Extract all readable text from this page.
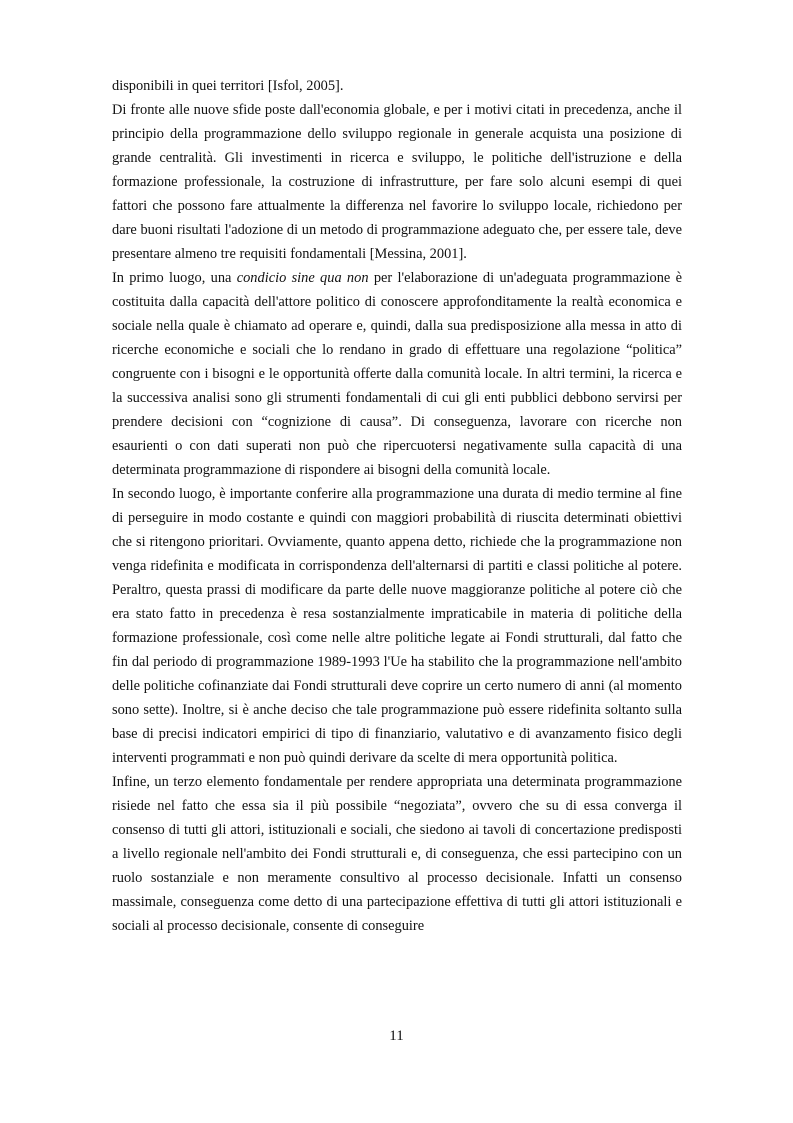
disponibili in quei territori [Isfol, 2005].

Di fronte alle nuove sfide poste dall'economia globale, e per i motivi citati in precedenza, anche il principio della programmazione dello sviluppo regionale in generale acquista una posizione di grande centralità. Gli investimenti in ricerca e sviluppo, le politiche dell'istruzione e della formazione professionale, la costruzione di infrastrutture, per fare solo alcuni esempi di quei fattori che possono fare attualmente la differenza nel favorire lo sviluppo locale, richiedono per dare buoni risultati l'adozione di un metodo di programmazione adeguato che, per essere tale, deve presentare almeno tre requisiti fondamentali [Messina, 2001].

In primo luogo, una condicio sine qua non per l'elaborazione di un'adeguata programmazione è costituita dalla capacità dell'attore politico di conoscere approfonditamente la realtà economica e sociale nella quale è chiamato ad operare e, quindi, dalla sua predisposizione alla messa in atto di ricerche economiche e sociali che lo rendano in grado di effettuare una regolazione “politica” congruente con i bisogni e le opportunità offerte dalla comunità locale. In altri termini, la ricerca e la successiva analisi sono gli strumenti fondamentali di cui gli enti pubblici debbono servirsi per prendere decisioni con “cognizione di causa”. Di conseguenza, lavorare con ricerche non esaurienti o con dati superati non può che ripercuotersi negativamente sulla capacità di una determinata programmazione di rispondere ai bisogni della comunità locale.

In secondo luogo, è importante conferire alla programmazione una durata di medio termine al fine di perseguire in modo costante e quindi con maggiori probabilità di riuscita determinati obiettivi che si ritengono prioritari. Ovviamente, quanto appena detto, richiede che la programmazione non venga ridefinita e modificata in corrispondenza dell'alternarsi di partiti e classi politiche al potere. Peraltro, questa prassi di modificare da parte delle nuove maggioranze politiche al potere ciò che era stato fatto in precedenza è resa sostanzialmente impraticabile in materia di politiche della formazione professionale, così come nelle altre politiche legate ai Fondi strutturali, dal fatto che fin dal periodo di programmazione 1989-1993 l'Ue ha stabilito che la programmazione nell'ambito delle politiche cofinanziate dai Fondi strutturali deve coprire un certo numero di anni (al momento sono sette). Inoltre, si è anche deciso che tale programmazione può essere ridefinita soltanto sulla base di precisi indicatori empirici di tipo di finanziario, valutativo e di avanzamento fisico degli interventi programmati e non può quindi derivare da scelte di mera opportunità politica.

Infine, un terzo elemento fondamentale per rendere appropriata una determinata programmazione risiede nel fatto che essa sia il più possibile “negoziata”, ovvero che su di essa converga il consenso di tutti gli attori, istituzionali e sociali, che siedono ai tavoli di concertazione predisposti a livello regionale nell'ambito dei Fondi strutturali e, di conseguenza, che essi partecipino con un ruolo sostanziale e non meramente consultivo al processo decisionale. Infatti un consenso massimale, conseguenza come detto di una partecipazione effettiva di tutti gli attori istituzionali e sociali al processo decisionale, consente di conseguire

11
